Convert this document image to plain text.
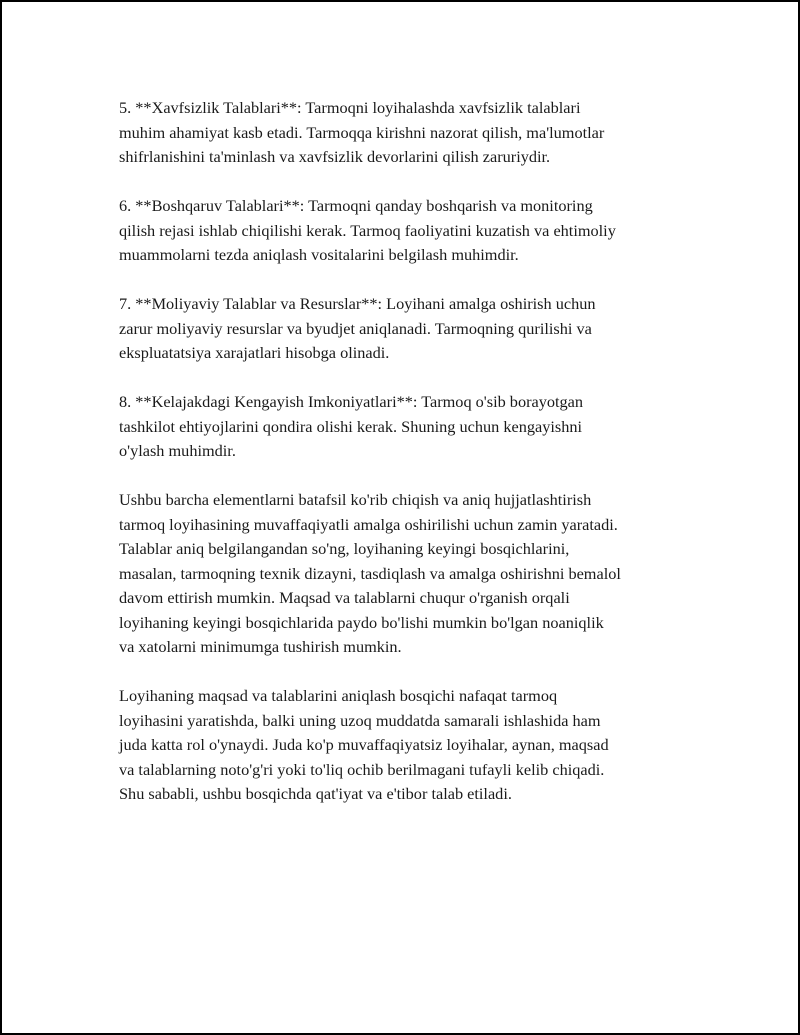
5. **Xavfsizlik Talablari**: Tarmoqni loyihalashda xavfsizlik talablari
muhim ahamiyat kasb etadi. Tarmoqqa kirishni nazorat qilish, ma'lumotlar
shifrlanishini ta'minlash va xavfsizlik devorlarini qilish zaruriydir.

6. **Boshqaruv Talablari**: Tarmoqni qanday boshqarish va monitoring
qilish rejasi ishlab chiqilishi kerak. Tarmoq faoliyatini kuzatish va ehtimoliy
muammolarni tezda aniqlash vositalarini belgilash muhimdir.

7. **Moliyaviy Talablar va Resurslar**: Loyihani amalga oshirish uchun
zarur moliyaviy resurslar va byudjet aniqlanadi. Tarmoqning qurilishi va
ekspluatatsiya xarajatlari hisobga olinadi.

8. **Kelajakdagi Kengayish Imkoniyatlari**: Tarmoq o'sib borayotgan
tashkilot ehtiyojlarini qondira olishi kerak. Shuning uchun kengayishni
o'ylash muhimdir.

Ushbu barcha elementlarni batafsil ko'rib chiqish va aniq hujjatlashtirish
tarmoq loyihasining muvaffaqiyatli amalga oshirilishi uchun zamin yaratadi.
Talablar aniq belgilangandan so'ng, loyihaning keyingi bosqichlarini,
masalan, tarmoqning texnik dizayni, tasdiqlash va amalga oshirishni bemalol
davom ettirish mumkin. Maqsad va talablarni chuqur o'rganish orqali
loyihaning keyingi bosqichlarida paydo bo'lishi mumkin bo'lgan noaniqlik
va xatolarni minimumga tushirish mumkin.

Loyihaning maqsad va talablarini aniqlash bosqichi nafaqat tarmoq
loyihasini yaratishda, balki uning uzoq muddatda samarali ishlashida ham
juda katta rol o'ynaydi. Juda ko'p muvaffaqiyatsiz loyihalar, aynan, maqsad
va talablarning noto'g'ri yoki to'liq ochib berilmagani tufayli kelib chiqadi.
Shu sababli, ushbu bosqichda qat'iyat va e'tibor talab etiladi.
